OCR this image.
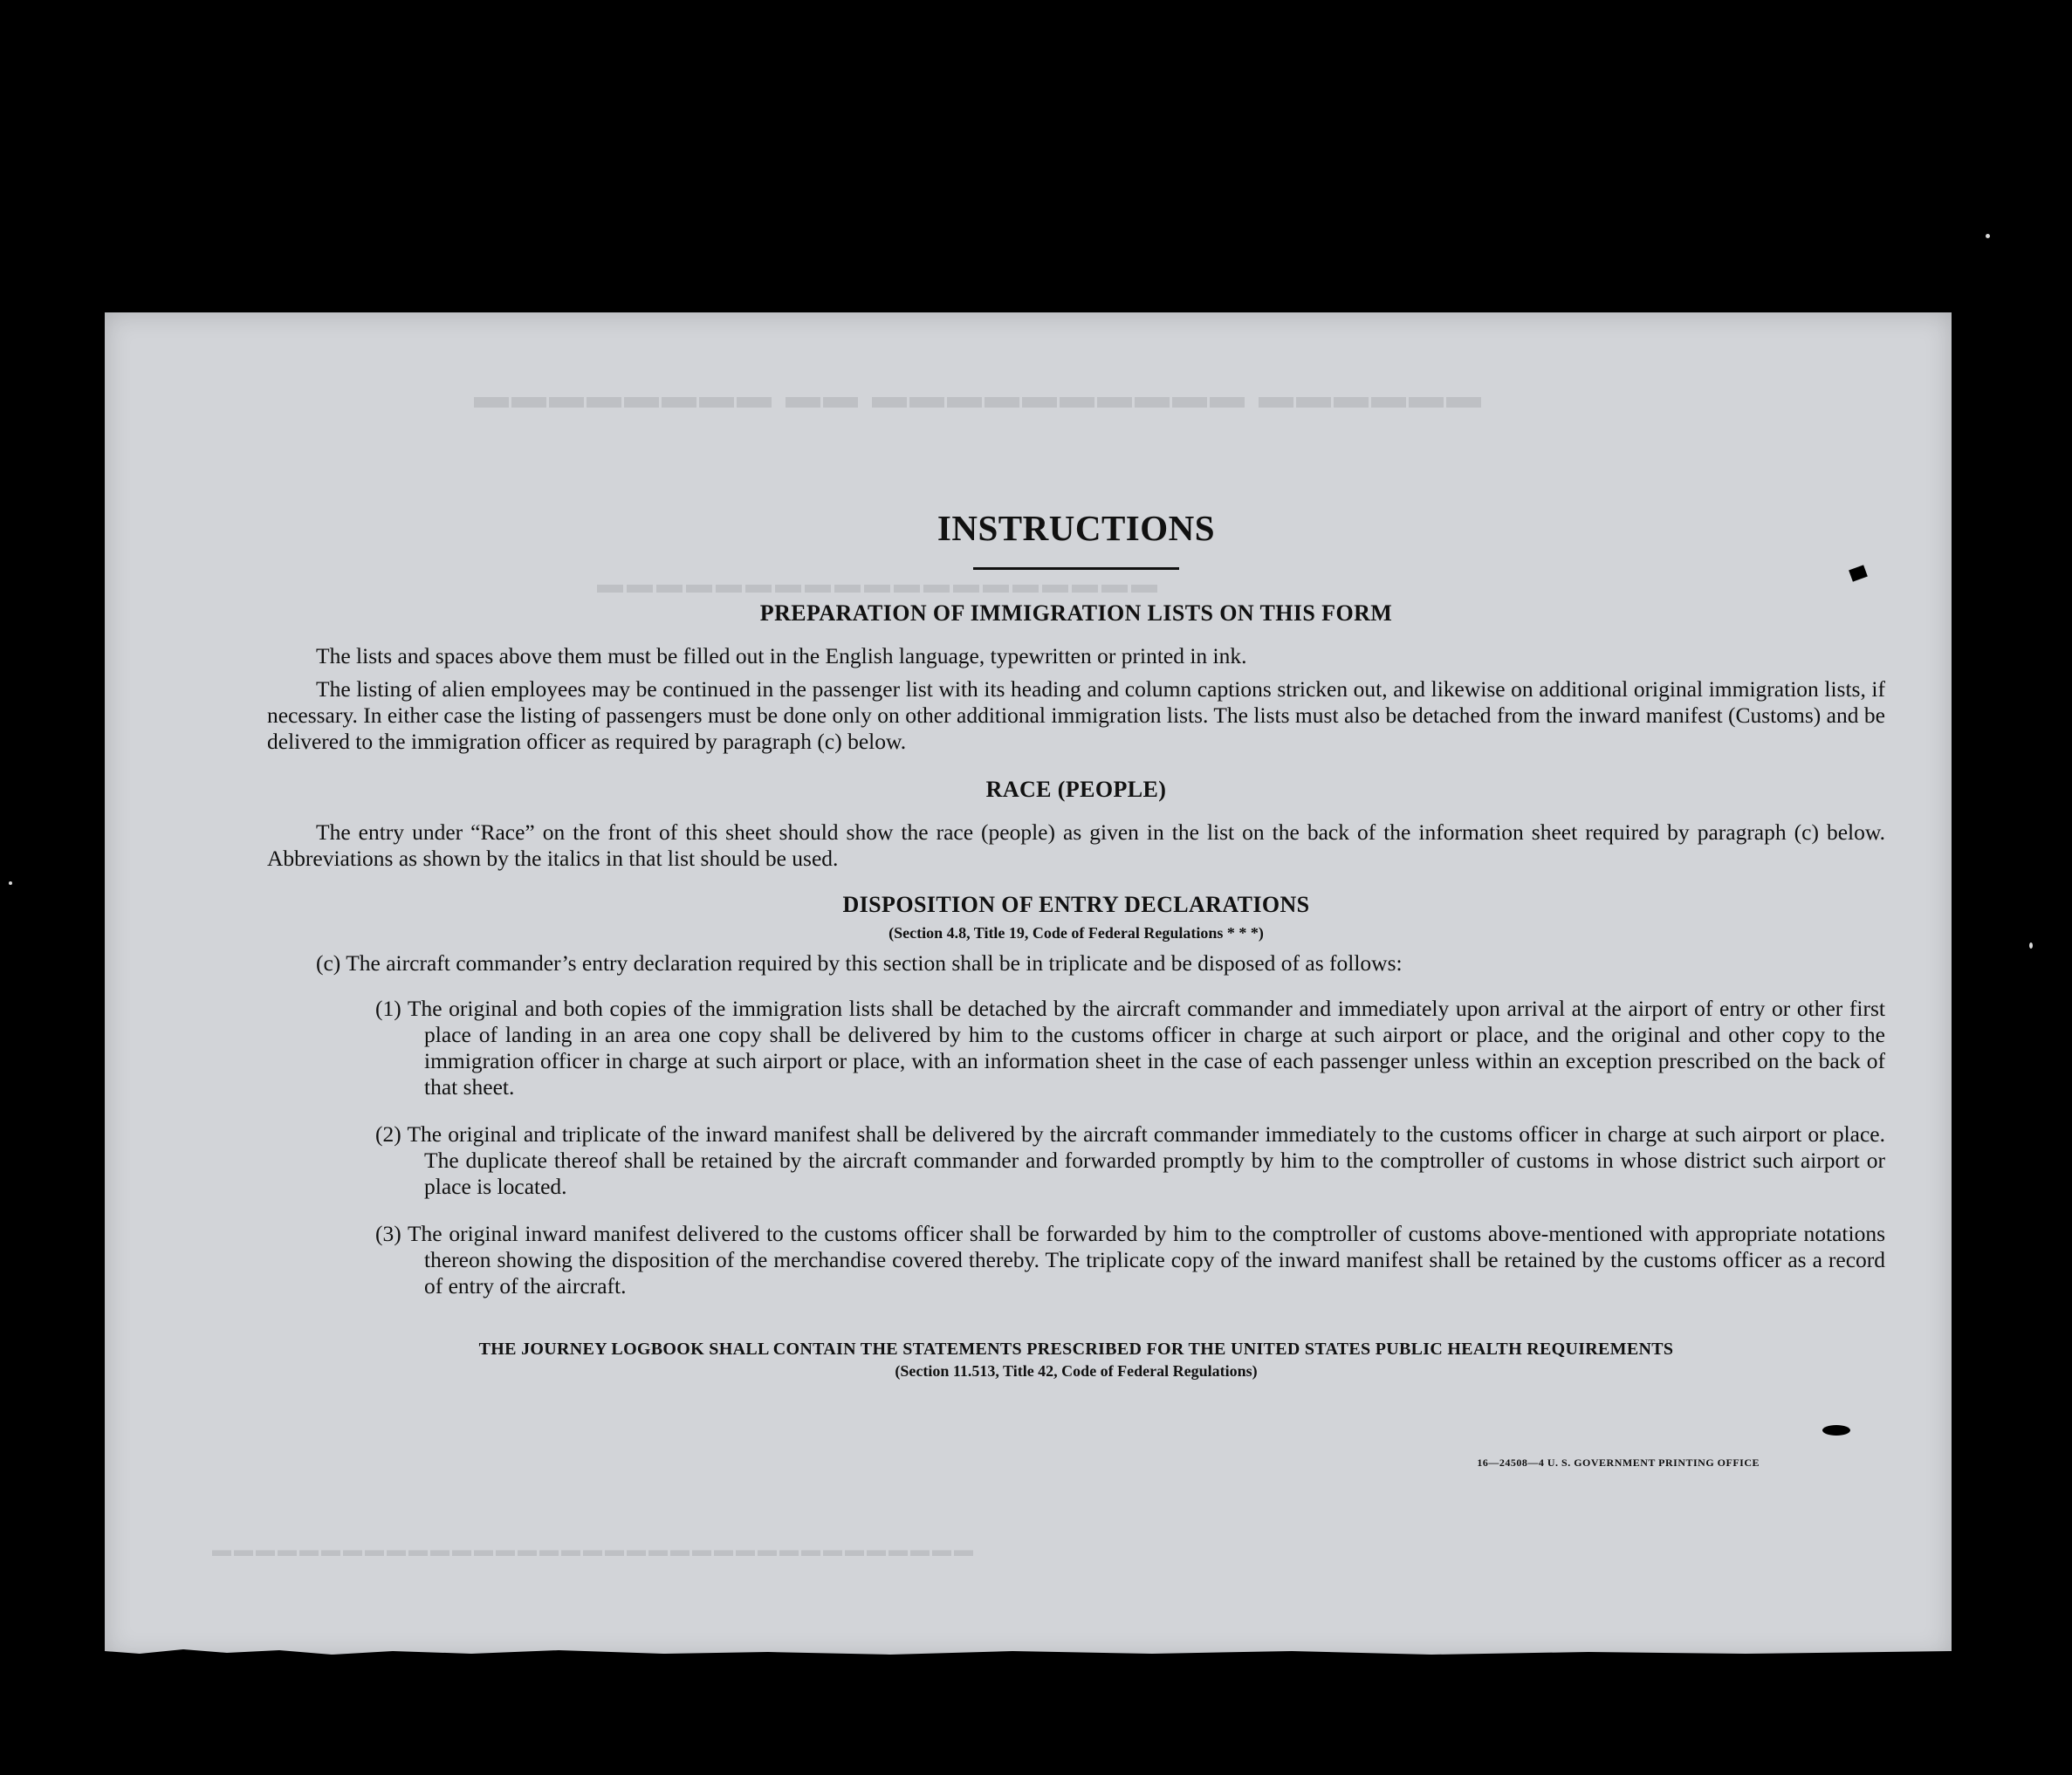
▬▬▬▬▬▬ ▬▬▬▬▬▬▬▬▬▬ ▬▬ ▬▬▬▬▬▬▬▬
▬▬▬▬▬▬▬▬▬▬▬▬▬▬▬▬▬▬▬
▬▬▬▬▬▬▬▬▬▬▬▬▬▬▬▬▬▬▬▬▬▬▬▬▬▬▬▬▬▬▬▬▬▬▬
INSTRUCTIONS
PREPARATION OF IMMIGRATION LISTS ON THIS FORM

The lists and spaces above them must be filled out in the English language, typewritten or printed in ink.

The listing of alien employees may be continued in the passenger list with its heading and column captions stricken out, and likewise on additional original immigration lists, if necessary. In either case the listing of passengers must be done only on other additional immigration lists. The lists must also be detached from the inward manifest (Customs) and be delivered to the immigration officer as required by paragraph (c) below.

RACE (PEOPLE)

The entry under “Race” on the front of this sheet should show the race (people) as given in the list on the back of the information sheet required by paragraph (c) below. Abbreviations as shown by the italics in that list should be used.

DISPOSITION OF ENTRY DECLARATIONS
(Section 4.8, Title 19, Code of Federal Regulations * * *)

(c) The aircraft commander’s entry declaration required by this section shall be in triplicate and be disposed of as follows:

(1) The original and both copies of the immigration lists shall be detached by the aircraft commander and immediately upon arrival at the airport of entry or other first place of landing in an area one copy shall be delivered by him to the customs officer in charge at such airport or place, and the original and other copy to the immigration officer in charge at such airport or place, with an information sheet in the case of each passenger unless within an exception prescribed on the back of that sheet.

(2) The original and triplicate of the inward manifest shall be delivered by the aircraft commander immediately to the customs officer in charge at such airport or place. The duplicate thereof shall be retained by the aircraft commander and forwarded promptly by him to the comptroller of customs in whose district such airport or place is located.

(3) The original inward manifest delivered to the customs officer shall be forwarded by him to the comptroller of customs above-mentioned with appropriate notations thereon showing the disposition of the merchandise covered thereby. The triplicate copy of the inward manifest shall be retained by the customs officer as a record of entry of the aircraft.

THE JOURNEY LOGBOOK SHALL CONTAIN THE STATEMENTS PRESCRIBED FOR THE UNITED STATES PUBLIC HEALTH REQUIREMENTS
(Section 11.513, Title 42, Code of Federal Regulations)
16—24508—4 U. S. GOVERNMENT PRINTING OFFICE
